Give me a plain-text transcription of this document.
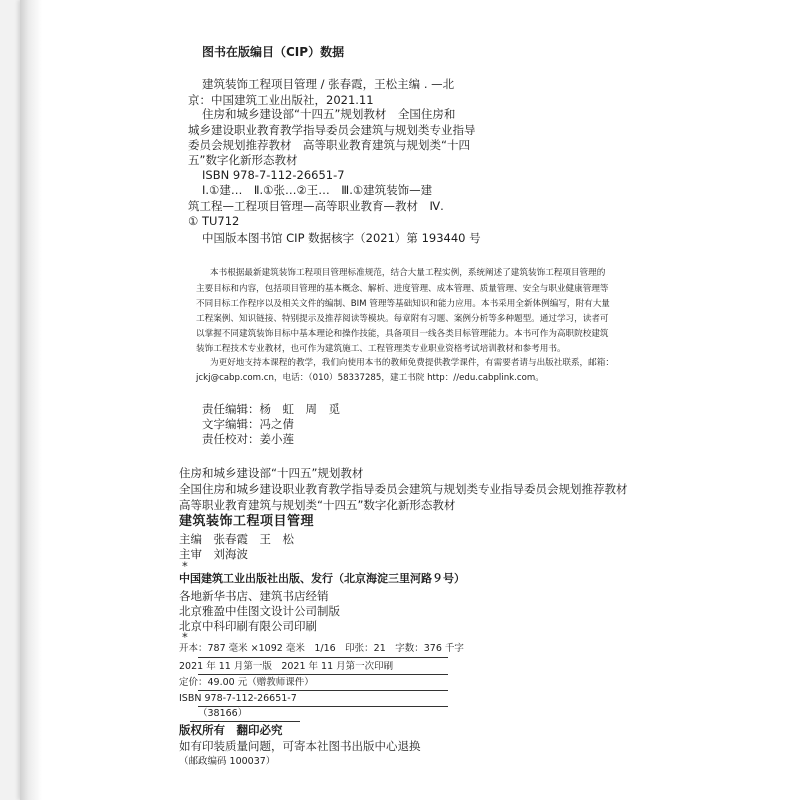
图书在版编目（CIP）数据
建筑装饰工程项目管理 / 张春霞，王松主编 . —北
京：中国建筑工业出版社，2021.11
住房和城乡建设部“十四五”规划教材　全国住房和
城乡建设职业教育教学指导委员会建筑与规划类专业指导
委员会规划推荐教材　高等职业教育建筑与规划类“十四
五”数字化新形态教材
ISBN 978-7-112-26651-7
Ⅰ.①建…　Ⅱ.①张…②王…　Ⅲ.①建筑装饰—建
筑工程—工程项目管理—高等职业教育—教材　Ⅳ.
① TU712
中国版本图书馆 CIP 数据核字（2021）第 193440 号
本书根据最新建筑装饰工程项目管理标准规范，结合大量工程实例，系统阐述了建筑装饰工程项目管理的
主要目标和内容，包括项目管理的基本概念、解析、进度管理、成本管理、质量管理、安全与职业健康管理等
不同目标工作程序以及相关文件的编制、BIM 管理等基础知识和能力应用。本书采用全新体例编写，附有大量
工程案例、知识链接、特别提示及推荐阅读等模块。每章附有习题、案例分析等多种题型。通过学习，读者可
以掌握不同建筑装饰目标中基本理论和操作技能，具备项目一线各类目标管理能力。本书可作为高职院校建筑
装饰工程技术专业教材，也可作为建筑施工、工程管理类专业职业资格考试培训教材和参考用书。
为更好地支持本课程的教学，我们向使用本书的教师免费提供教学课件，有需要者请与出版社联系，邮箱：
jckj@cabp.com.cn，电话：（010）58337285，建工书院 http：//edu.cabplink.com。
责任编辑：杨　虹　周　觅
文字编辑：冯之倩
责任校对：姜小莲
住房和城乡建设部“十四五”规划教材
全国住房和城乡建设职业教育教学指导委员会建筑与规划类专业指导委员会规划推荐教材
高等职业教育建筑与规划类“十四五”数字化新形态教材
建筑装饰工程项目管理
主编　张春霞　王　松
主审　刘海波
*
中国建筑工业出版社出版、发行（北京海淀三里河路９号）
各地新华书店、建筑书店经销
北京雅盈中佳图文设计公司制版
北京中科印刷有限公司印刷
*
开本：787 毫米 ×1092 毫米　1/16　印张：21　字数：376 千字
2021 年 11 月第一版　2021 年 11 月第一次印刷
定价：49.00 元（赠教师课件）
ISBN 978-7-112-26651-7
（38166）
版权所有　翻印必究
如有印装质量问题，可寄本社图书出版中心退换
（邮政编码 100037）
